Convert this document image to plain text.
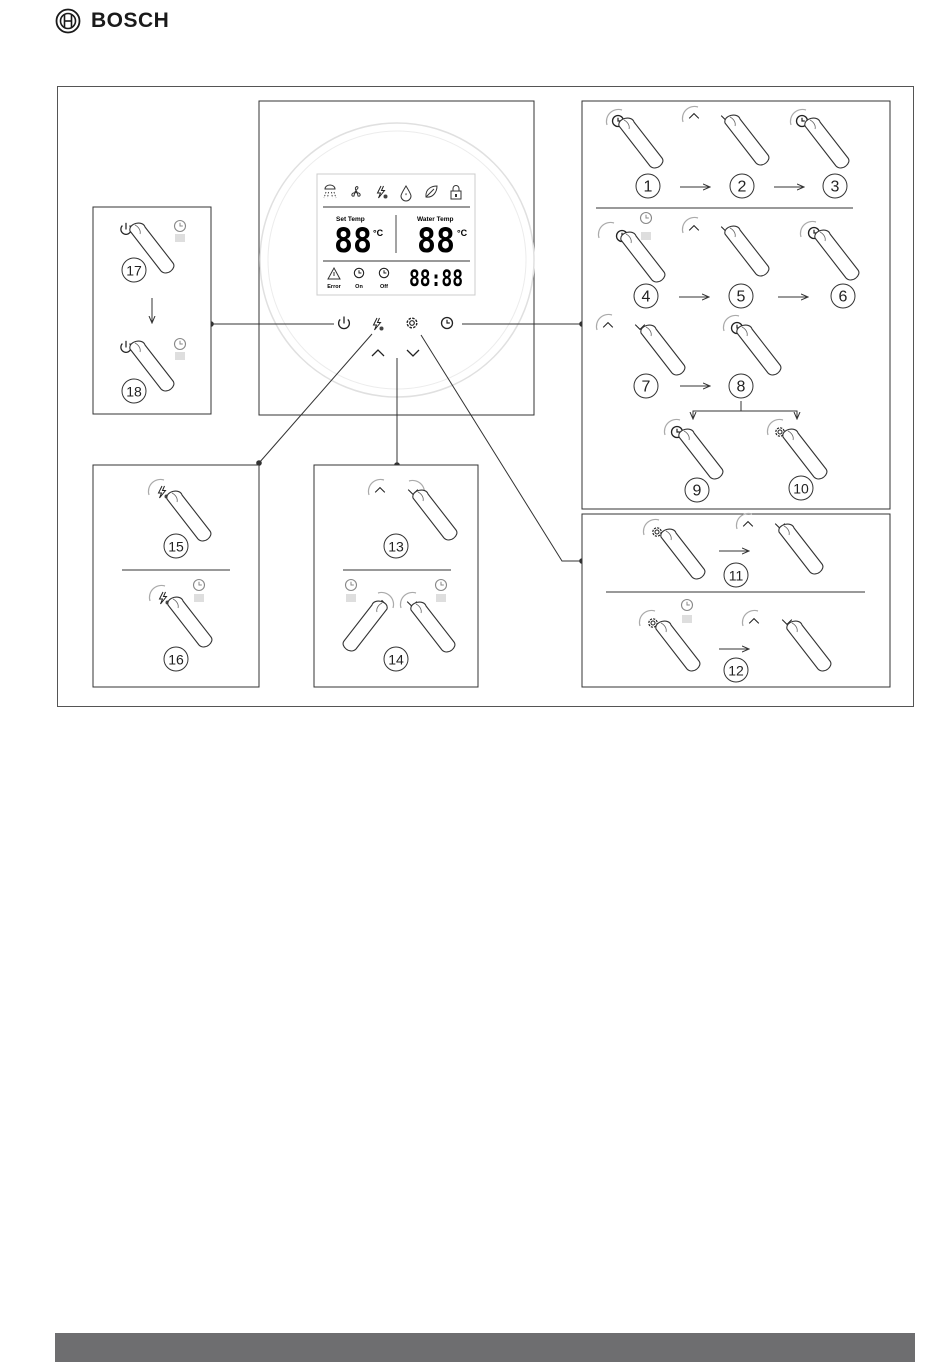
BOSCH
*
Set Temp	Water Temp
88 °C 88 °C
Error	On	Off 88:88
1	2	3
4	5	6
7	8
9	10
11
12
13
14
15
16
17
18
